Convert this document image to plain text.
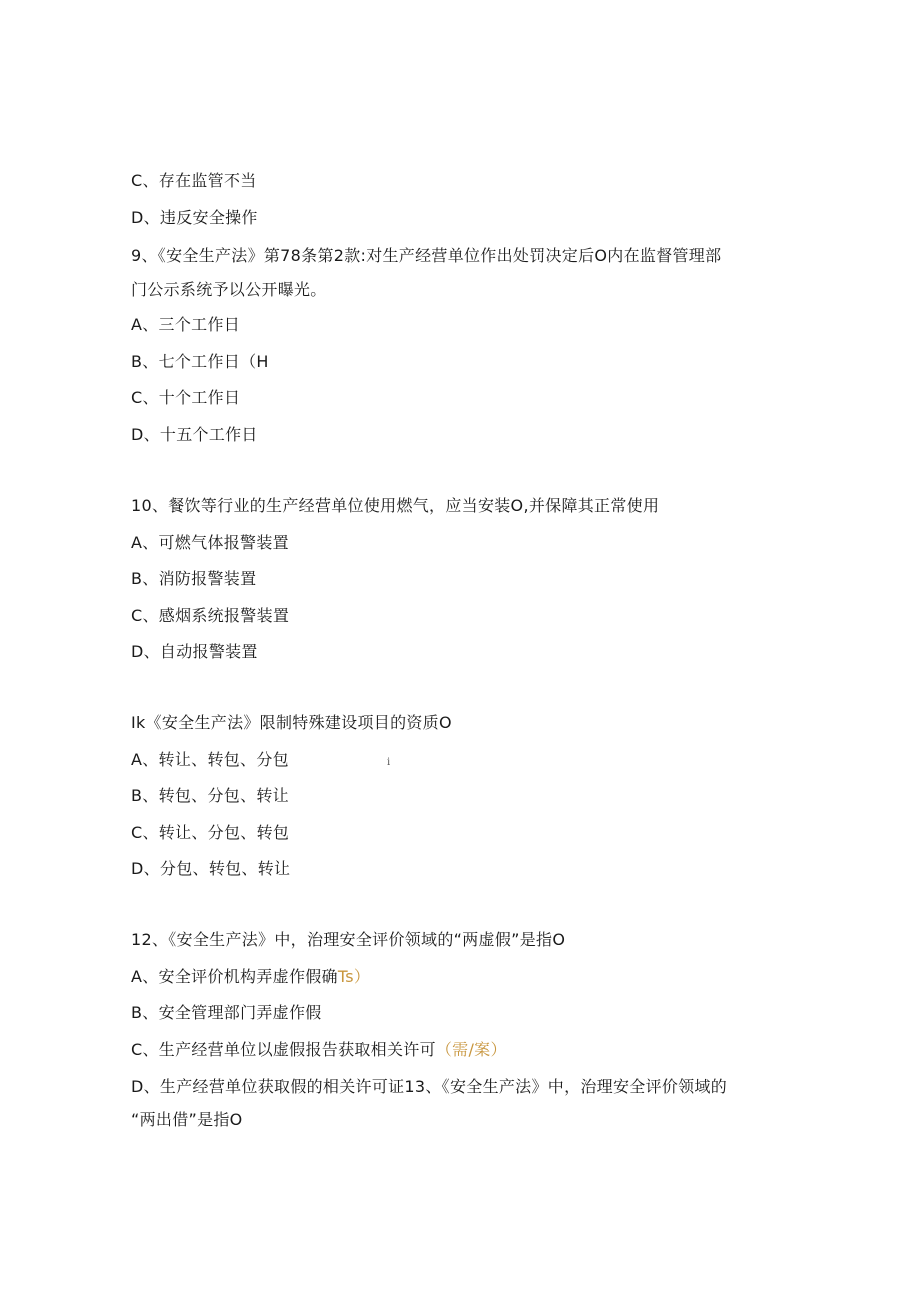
C、存在监管不当
D、违反安全操作
9、《安全生产法》第78条第2款:对生产经营单位作出处罚决定后O内在监督管理部
门公示系统予以公开曝光。
A、三个工作日
B、七个工作日（H
C、十个工作日
D、十五个工作日
10、餐饮等行业的生产经营单位使用燃气，应当安装O,并保障其正常使用
A、可燃气体报警装置
B、消防报警装置
C、感烟系统报警装置
D、自动报警装置
Ik《安全生产法》限制特殊建设项目的资质O
A、转让、转包、分包	i
B、转包、分包、转让
C、转让、分包、转包
D、分包、转包、转让
12、《安全生产法》中，治理安全评价领域的“两虚假”是指O
A、安全评价机构弄虚作假确Ts）
B、安全管理部门弄虚作假
C、生产经营单位以虚假报告获取相关许可（需/案）
D、生产经营单位获取假的相关许可证13、《安全生产法》中，治理安全评价领域的
“两出借”是指O
